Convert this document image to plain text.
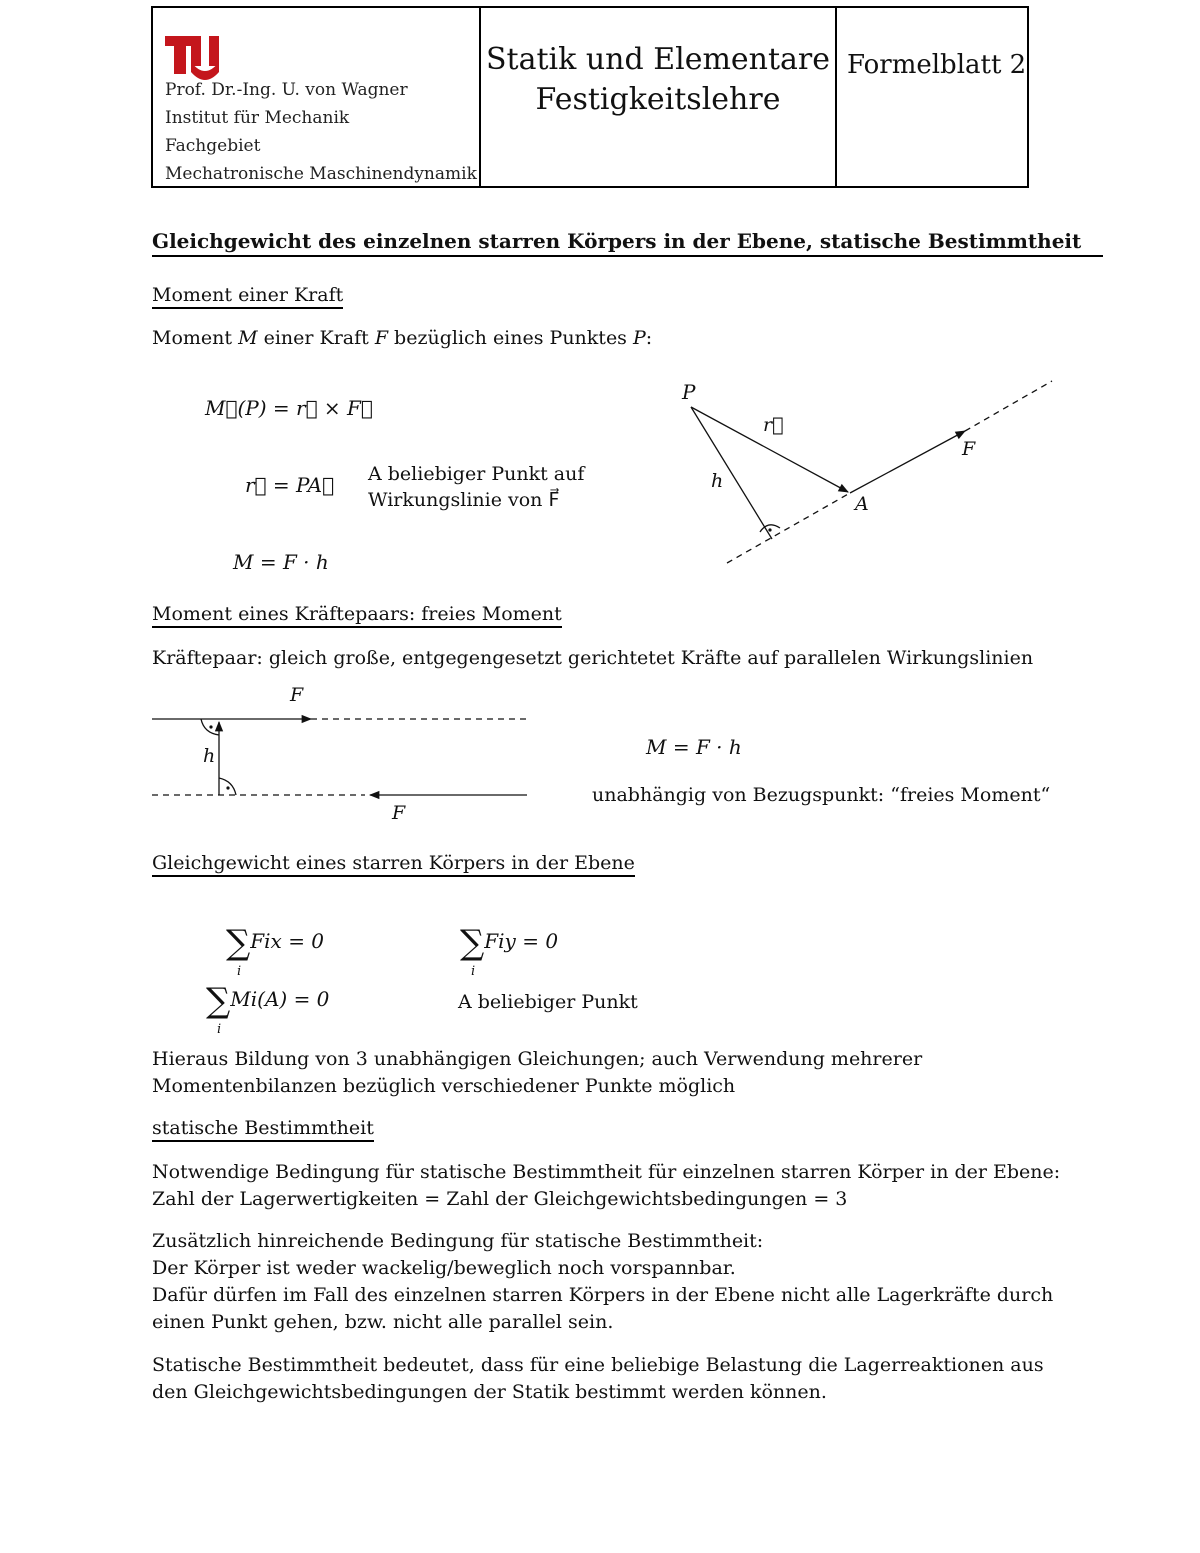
Prof. Dr.-Ing. U. von Wagner
Institut für Mechanik
Fachgebiet
Mechatronische Maschinendynamik
Statik und Elementare
Festigkeitslehre
Formelblatt 2
Gleichgewicht des einzelnen starren Körpers in der Ebene, statische Bestimmtheit
Moment einer Kraft
Moment M einer Kraft F bezüglich eines Punktes P:
M⃗(P) = r⃗ × F⃗
r⃗ = PA⃗ A beliebiger Punkt auf
Wirkungslinie von F⃗
M = F · h
P
r⃗
F
h
A
Moment eines Kräftepaars: freies Moment
Kräftepaar: gleich große, entgegengesetzt gerichtetet Kräfte auf parallelen Wirkungslinien
F
h
F
M = F · h
unabhängig von Bezugspunkt: “freies Moment“
Gleichgewicht eines starren Körpers in der Ebene
∑Fix = 0
i
∑Fiy = 0
i
∑Mi(A) = 0
i
A beliebiger Punkt
Hieraus Bildung von 3 unabhängigen Gleichungen; auch Verwendung mehrerer
Momentenbilanzen bezüglich verschiedener Punkte möglich
statische Bestimmtheit
Notwendige Bedingung für statische Bestimmtheit für einzelnen starren Körper in der Ebene:
Zahl der Lagerwertigkeiten = Zahl der Gleichgewichtsbedingungen = 3
Zusätzlich hinreichende Bedingung für statische Bestimmtheit:
Der Körper ist weder wackelig/beweglich noch vorspannbar.
Dafür dürfen im Fall des einzelnen starren Körpers in der Ebene nicht alle Lagerkräfte durch
einen Punkt gehen, bzw. nicht alle parallel sein.
Statische Bestimmtheit bedeutet, dass für eine beliebige Belastung die Lagerreaktionen aus
den Gleichgewichtsbedingungen der Statik bestimmt werden können.
